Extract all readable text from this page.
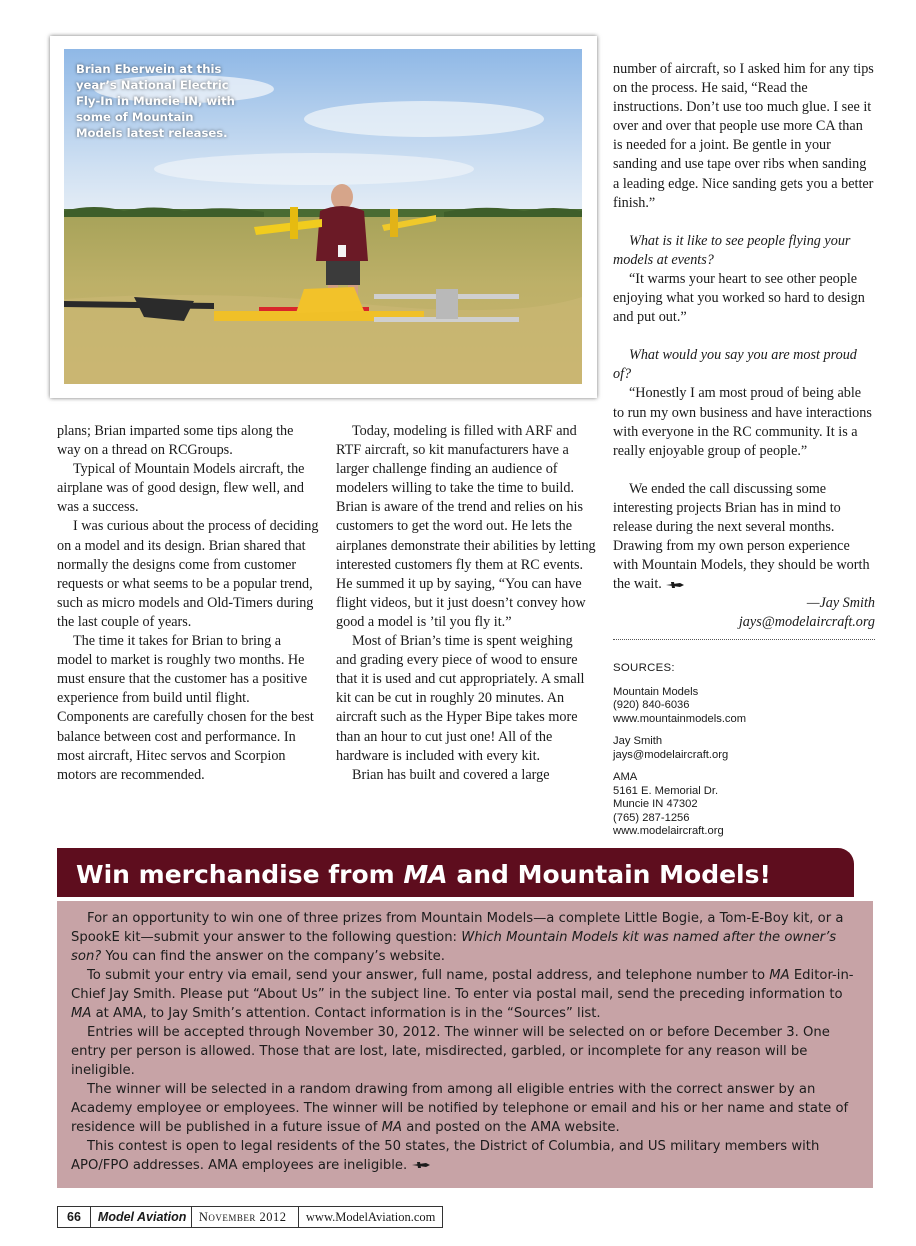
Brian Eberwein at this year’s National Electric Fly-In in Muncie IN, with some of Mountain Models latest releases.

plans; Brian imparted some tips along the way on a thread on RCGroups.

Typical of Mountain Models aircraft, the airplane was of good design, flew well, and was a success.

I was curious about the process of deciding on a model and its design. Brian shared that normally the designs come from customer requests or what seems to be a popular trend, such as micro models and Old-Timers during the last couple of years.

The time it takes for Brian to bring a model to market is roughly two months. He must ensure that the customer has a positive experience from build until flight. Components are carefully chosen for the best balance between cost and performance. In most aircraft, Hitec servos and Scorpion motors are recommended.

Today, modeling is filled with ARF and RTF aircraft, so kit manufacturers have a larger challenge finding an audience of modelers willing to take the time to build. Brian is aware of the trend and relies on his customers to get the word out. He lets the airplanes demonstrate their abilities by letting interested customers fly them at RC events. He summed it up by saying, “You can have flight videos, but it just doesn’t convey how good a model is ’til you fly it.”

Most of Brian’s time is spent weighing and grading every piece of wood to ensure that it is used and cut appropriately. A small kit can be cut in roughly 20 minutes. An aircraft such as the Hyper Bipe takes more than an hour to cut just one! All of the hardware is included with every kit.

Brian has built and covered a large

number of aircraft, so I asked him for any tips on the process. He said, “Read the instructions. Don’t use too much glue. I see it over and over that people use more CA than is needed for a joint. Be gentle in your sanding and use tape over ribs when sanding a leading edge. Nice sanding gets you a better finish.”

What is it like to see people flying your models at events?

“It warms your heart to see other people enjoying what you worked so hard to design and put out.”

What would you say you are most proud of?

“Honestly I am most proud of being able to run my own business and have interactions with everyone in the RC community. It is a really enjoyable group of people.”

We ended the call discussing some interesting projects Brian has in mind to release during the next several months. Drawing from my own person experience with Mountain Models, they should be worth the wait.

—Jay Smith
jays@modelaircraft.org
SOURCES:
Mountain Models
(920) 840-6036
www.mountainmodels.com
Jay Smith
jays@modelaircraft.org
AMA
5161 E. Memorial Dr.
Muncie IN 47302
(765) 287-1256
www.modelaircraft.org
Win merchandise from MA and Mountain Models!

For an opportunity to win one of three prizes from Mountain Models—a complete Little Bogie, a Tom-E-Boy kit, or a SpookE kit—submit your answer to the following question: Which Mountain Models kit was named after the owner’s son? You can find the answer on the company’s website.

To submit your entry via email, send your answer, full name, postal address, and telephone number to MA Editor-in-Chief Jay Smith. Please put “About Us” in the subject line. To enter via postal mail, send the preceding information to MA at AMA, to Jay Smith’s attention. Contact information is in the “Sources” list.

Entries will be accepted through November 30, 2012. The winner will be selected on or before December 3. One entry per person is allowed. Those that are lost, late, misdirected, garbled, or incomplete for any reason will be ineligible.

The winner will be selected in a random drawing from among all eligible entries with the correct answer by an Academy employee or employees. The winner will be notified by telephone or email and his or her name and state of residence will be published in a future issue of MA and posted on the AMA website.

This contest is open to legal residents of the 50 states, the District of Columbia, and US military members with APO/FPO addresses. AMA employees are ineligible.

66	Model Aviation	November 2012	www.ModelAviation.com
